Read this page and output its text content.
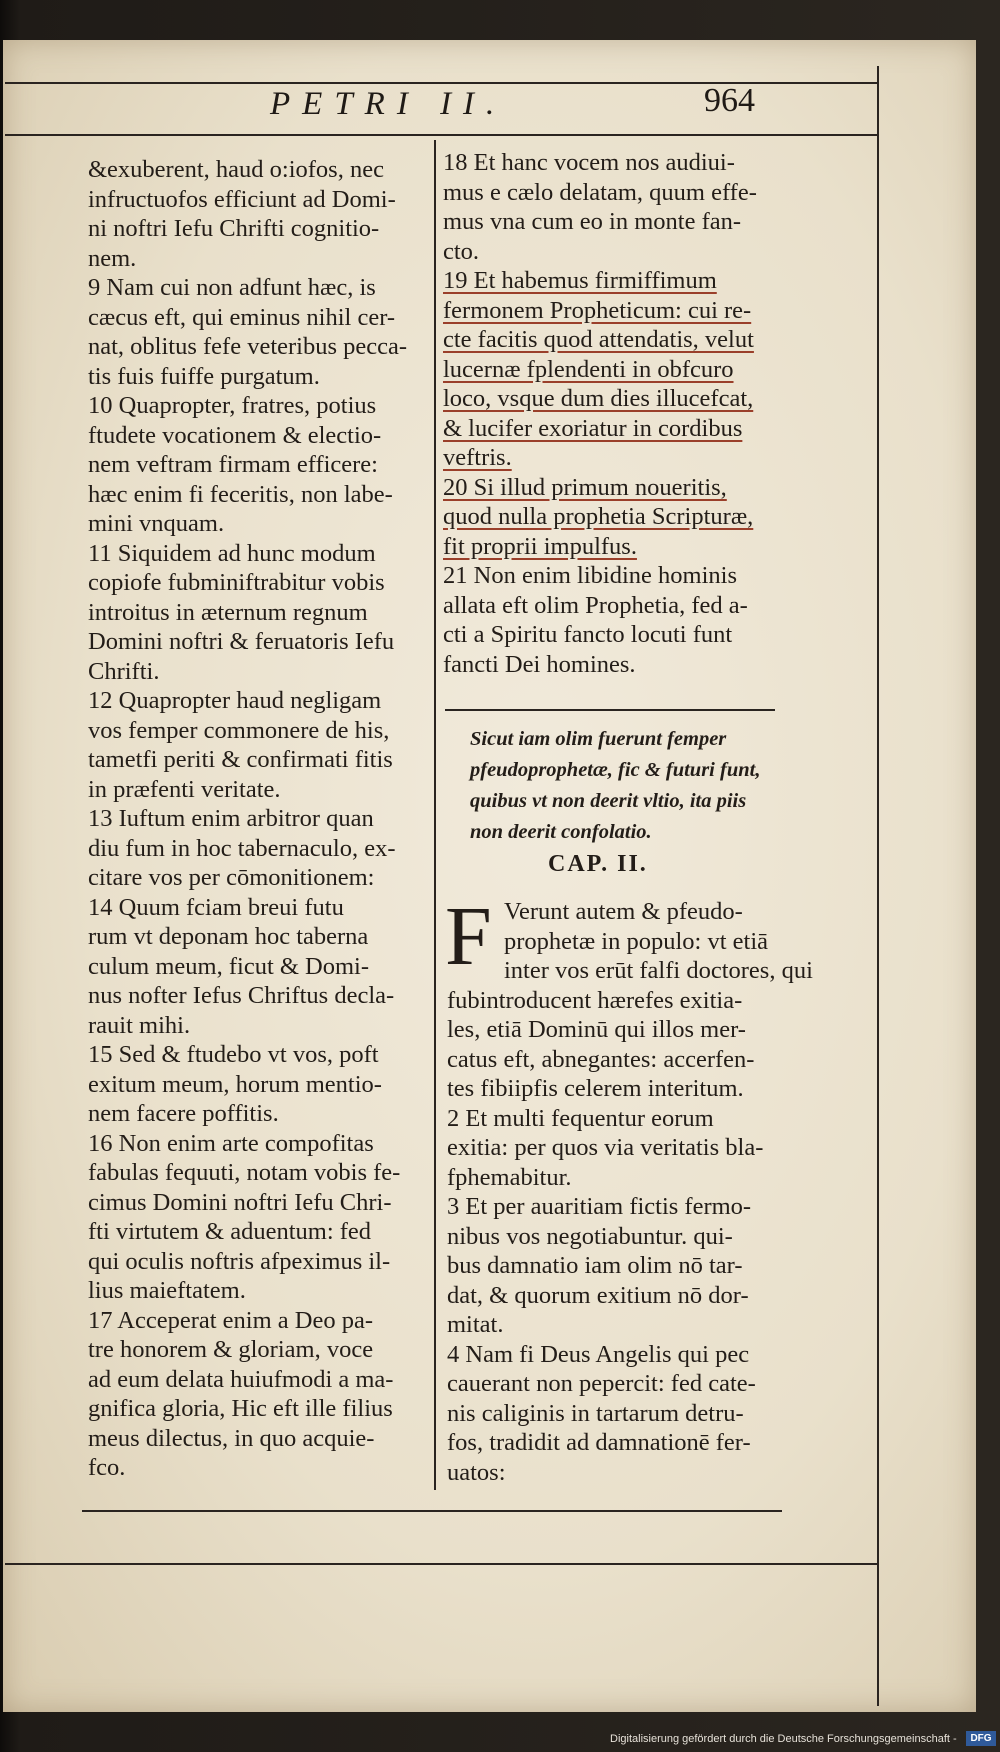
PETRI II.	964

&exuberent, haud o:iofos, nec

infructuofos efficiunt ad Domi-

ni noftri Iefu Chrifti cognitio-

nem.

9 Nam cui non adfunt hæc, is

cæcus eft, qui eminus nihil cer-

nat, oblitus fefe veteribus pecca-

tis fuis fuiffe purgatum.

10 Quapropter, fratres, potius

ftudete vocationem & electio-

nem veftram firmam efficere:

hæc enim fi feceritis, non labe-

mini vnquam.

11 Siquidem ad hunc modum

copiofe fubminiftrabitur vobis

introitus in æternum regnum

Domini noftri & feruatoris Iefu

Chrifti.

12 Quapropter haud negligam

vos femper commonere de his,

tametfi periti & confirmati fitis

in præfenti veritate.

13 Iuftum enim arbitror quan

diu fum in hoc tabernaculo, ex-

citare vos per cōmonitionem:

14 Quum fciam breui futu

rum vt deponam hoc taberna

culum meum, ficut & Domi-

nus nofter Iefus Chriftus decla-

rauit mihi.

15 Sed & ftudebo vt vos, poft

exitum meum, horum mentio-

nem facere poffitis.

16 Non enim arte compofitas

fabulas fequuti, notam vobis fe-

cimus Domini noftri Iefu Chri-

fti virtutem & aduentum: fed

qui oculis noftris afpeximus il-

lius maieftatem.

17 Acceperat enim a Deo pa-

tre honorem & gloriam, voce

ad eum delata huiufmodi a ma-

gnifica gloria, Hic eft ille filius

meus dilectus, in quo acquie-

fco.

18 Et hanc vocem nos audiui-

mus e cælo delatam, quum effe-

mus vna cum eo in monte fan-

cto.

19 Et habemus firmiffimum

fermonem Propheticum: cui re-

cte facitis quod attendatis, velut

lucernæ fplendenti in obfcuro

loco, vsque dum dies illucefcat,

& lucifer exoriatur in cordibus

veftris.

20 Si illud primum noueritis,

quod nulla prophetia Scripturæ,

fit proprii impulfus.

21 Non enim libidine hominis

allata eft olim Prophetia, fed a-

cti a Spiritu fancto locuti funt

fancti Dei homines.

Sicut iam olim fuerunt femper

pfeudoprophetæ, fic & futuri funt,

quibus vt non deerit vltio, ita piis

non deerit confolatio.

CAP. II.
F Verunt autem & pfeudo-

prophetæ in populo: vt etiā

inter vos erūt falfi doctores, qui

fubintroducent hærefes exitia-

les, etiā Dominū qui illos mer-

catus eft, abnegantes: accerfen-

tes fibiipfis celerem interitum.

2 Et multi fequentur eorum

exitia: per quos via veritatis bla-

fphemabitur.

3 Et per auaritiam fictis fermo-

nibus vos negotiabuntur. qui-

bus damnatio iam olim nō tar-

dat, & quorum exitium nō dor-

mitat.

4 Nam fi Deus Angelis qui pec

cauerant non pepercit: fed cate-

nis caliginis in tartarum detru-

fos, tradidit ad damnationē fer-

uatos:

Digitalisierung gefördert durch die Deutsche Forschungsgemeinschaft -	DFG
